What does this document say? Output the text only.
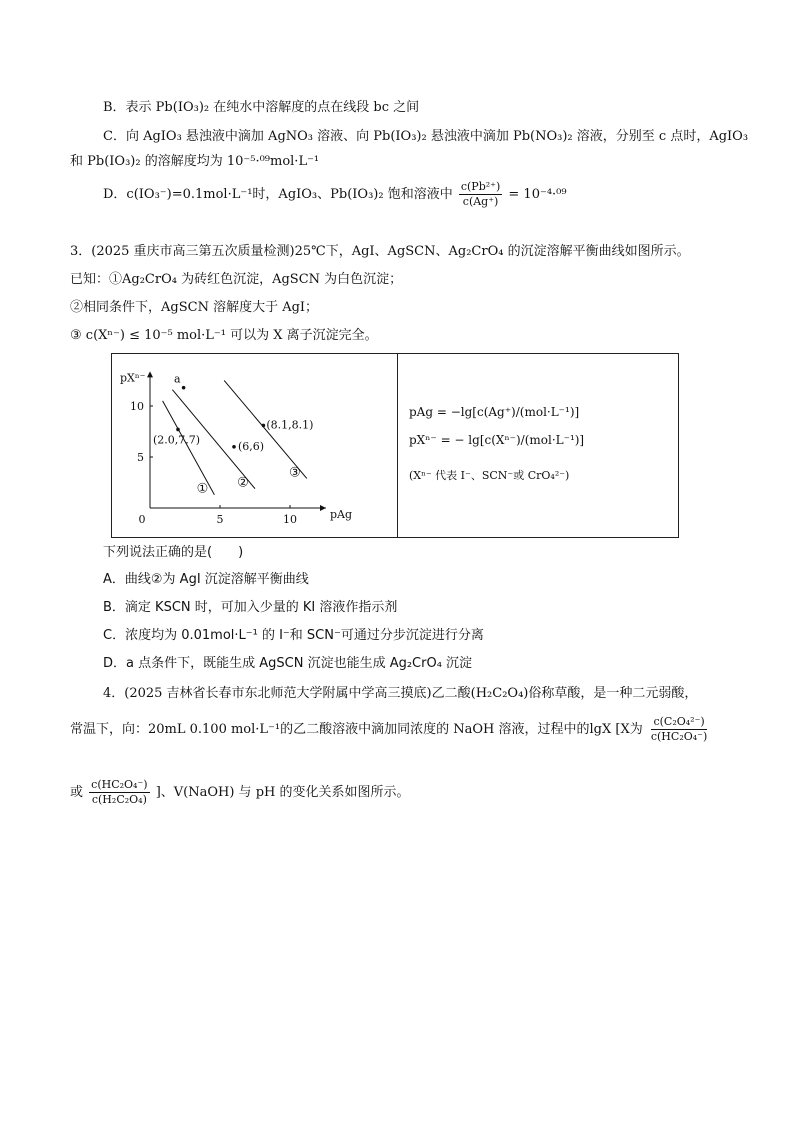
B．表示 Pb(IO₃)₂ 在纯水中溶解度的点在线段 bc 之间
C．向 AgIO₃ 悬浊液中滴加 AgNO₃ 溶液、向 Pb(IO₃)₂ 悬浊液中滴加 Pb(NO₃)₂ 溶液，分别至 c 点时，AgIO₃
和 Pb(IO₃)₂ 的溶解度均为 10⁻⁵·⁰⁹mol·L⁻¹
D．c(IO₃⁻)=0.1mol·L⁻¹时，AgIO₃、Pb(IO₃)₂ 饱和溶液中 $\frac{\text{c(Pb²⁺)}}{c(Ag^+)} = 10^{-4}\cdot^{09}$
3．(2025 重庆市高三第五次质量检测)25℃下，AgI、AgSCN、Ag₂CrO₄ 的沉淀溶解平衡曲线如图所示。
已知：①Ag₂CrO₄ 为砖红色沉淀，AgSCN 为白色沉淀；
②相同条件下，AgSCN 溶解度大于 AgI；
③ c(Xⁿ⁻) ≤ 10⁻⁵ mol·L⁻¹ 可以为 X 离子沉淀完全。
0	5	10
5
10
pAg
pXⁿ⁻
① ②
③
a
(2.0,7.7)	(6,6)
(8.1,8.1)
pAg = −lg[c(Ag⁺)/(mol·L⁻¹)]
pXⁿ⁻ = − lg[c(Xⁿ⁻)/(mol·L⁻¹)]
(Xⁿ⁻ 代表 I⁻、SCN⁻或 CrO₄²⁻)
下列说法正确的是(　　)
A．曲线②为 AgI 沉淀溶解平衡曲线
B．滴定 KSCN 时，可加入少量的 KI 溶液作指示剂
C．浓度均为 0.01mol·L⁻¹ 的 I⁻和 SCN⁻可通过分步沉淀进行分离
D．a 点条件下，既能生成 AgSCN 沉淀也能生成 Ag₂CrO₄ 沉淀
4．(2025 吉林省长春市东北师范大学附属中学高三摸底)乙二酸(H₂C₂O₄)俗称草酸，是一种二元弱酸，
常温下，向：20mL 0.100 mol·L⁻¹的乙二酸溶液中滴加同浓度的 NaOH 溶液，过程中的lgX [X为 $\frac{\text{c(C₂O₄²⁻)}}{\text{c(HC₂O₄⁻)}}$
或 $\frac{\text{c(HC₂O₄⁻)}}{\text{c(H₂C₂O₄)}}$ ]、V(NaOH) 与 pH 的变化关系如图所示。
